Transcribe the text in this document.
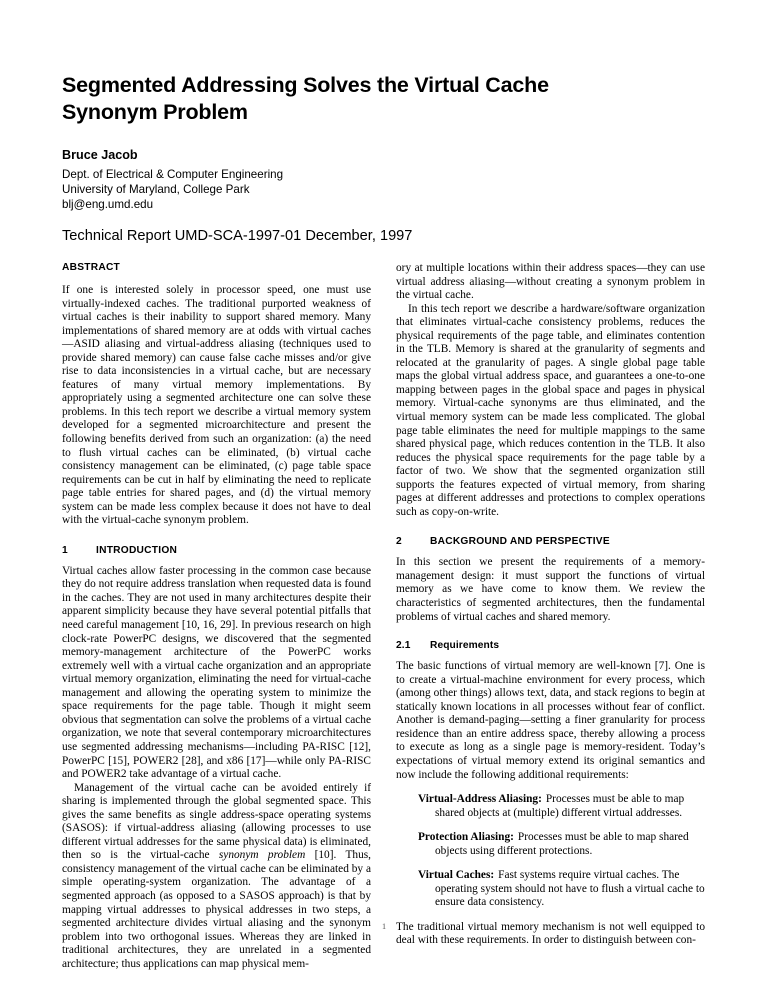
Segmented Addressing Solves the Virtual Cache Synonym Problem
Bruce Jacob
Dept. of Electrical & Computer Engineering
University of Maryland, College Park
blj@eng.umd.edu
Technical Report UMD-SCA-1997-01 December, 1997
ABSTRACT

If one is interested solely in processor speed, one must use virtually-indexed caches. The traditional purported weakness of virtual caches is their inability to support shared memory. Many implementations of shared memory are at odds with virtual caches—ASID aliasing and virtual-address aliasing (techniques used to provide shared memory) can cause false cache misses and/or give rise to data inconsistencies in a virtual cache, but are necessary features of many virtual memory implementations. By appropriately using a segmented architecture one can solve these problems. In this tech report we describe a virtual memory system developed for a segmented microarchitecture and present the following benefits derived from such an organization: (a) the need to flush virtual caches can be eliminated, (b) virtual cache consistency management can be eliminated, (c) page table space requirements can be cut in half by eliminating the need to replicate page table entries for shared pages, and (d) the virtual memory system can be made less complex because it does not have to deal with the virtual-cache synonym problem.

1	INTRODUCTION

Virtual caches allow faster processing in the common case because they do not require address translation when requested data is found in the caches. They are not used in many architectures despite their apparent simplicity because they have several potential pitfalls that need careful management [10, 16, 29]. In previous research on high clock-rate PowerPC designs, we discovered that the segmented memory-management architecture of the PowerPC works extremely well with a virtual cache organization and an appropriate virtual memory organization, eliminating the need for virtual-cache management and allowing the operating system to minimize the space requirements for the page table. Though it might seem obvious that segmentation can solve the problems of a virtual cache organization, we note that several contemporary microarchitectures use segmented addressing mechanisms—including PA-RISC [12], PowerPC [15], POWER2 [28], and x86 [17]—while only PA-RISC and POWER2 take advantage of a virtual cache.

Management of the virtual cache can be avoided entirely if sharing is implemented through the global segmented space. This gives the same benefits as single address-space operating systems (SASOS): if virtual-address aliasing (allowing processes to use different virtual addresses for the same physical data) is eliminated, then so is the virtual-cache synonym problem [10]. Thus, consistency management of the virtual cache can be eliminated by a simple operating-system organization. The advantage of a segmented approach (as opposed to a SASOS approach) is that by mapping virtual addresses to physical addresses in two steps, a segmented architecture divides virtual aliasing and the synonym problem into two orthogonal issues. Whereas they are linked in traditional architectures, they are unrelated in a segmented architecture; thus applications can map physical mem-

ory at multiple locations within their address spaces—they can use virtual address aliasing—without creating a synonym problem in the virtual cache.

In this tech report we describe a hardware/software organization that eliminates virtual-cache consistency problems, reduces the physical requirements of the page table, and eliminates contention in the TLB. Memory is shared at the granularity of segments and relocated at the granularity of pages. A single global page table maps the global virtual address space, and guarantees a one-to-one mapping between pages in the global space and pages in physical memory. Virtual-cache synonyms are thus eliminated, and the virtual memory system can be made less complicated. The global page table eliminates the need for multiple mappings to the same shared physical page, which reduces contention in the TLB. It also reduces the physical space requirements for the page table by a factor of two. We show that the segmented organization still supports the features expected of virtual memory, from sharing pages at different addresses and protections to complex operations such as copy-on-write.

2	BACKGROUND AND PERSPECTIVE

In this section we present the requirements of a memory-management design: it must support the functions of virtual memory as we have come to know them. We review the characteristics of segmented architectures, then the fundamental problems of virtual caches and shared memory.

2.1 Requirements

The basic functions of virtual memory are well-known [7]. One is to create a virtual-machine environment for every process, which (among other things) allows text, data, and stack regions to begin at statically known locations in all processes without fear of conflict. Another is demand-paging—setting a finer granularity for process residence than an entire address space, thereby allowing a process to execute as long as a single page is memory-resident. Today’s expectations of virtual memory extend its original semantics and now include the following additional requirements:

Virtual-Address Aliasing: Processes must be able to map shared objects at (multiple) different virtual addresses.
Protection Aliasing: Processes must be able to map shared objects using different protections.
Virtual Caches: Fast systems require virtual caches. The operating system should not have to flush a virtual cache to ensure data consistency.

The traditional virtual memory mechanism is not well equipped to deal with these requirements. In order to distinguish between con-

1
